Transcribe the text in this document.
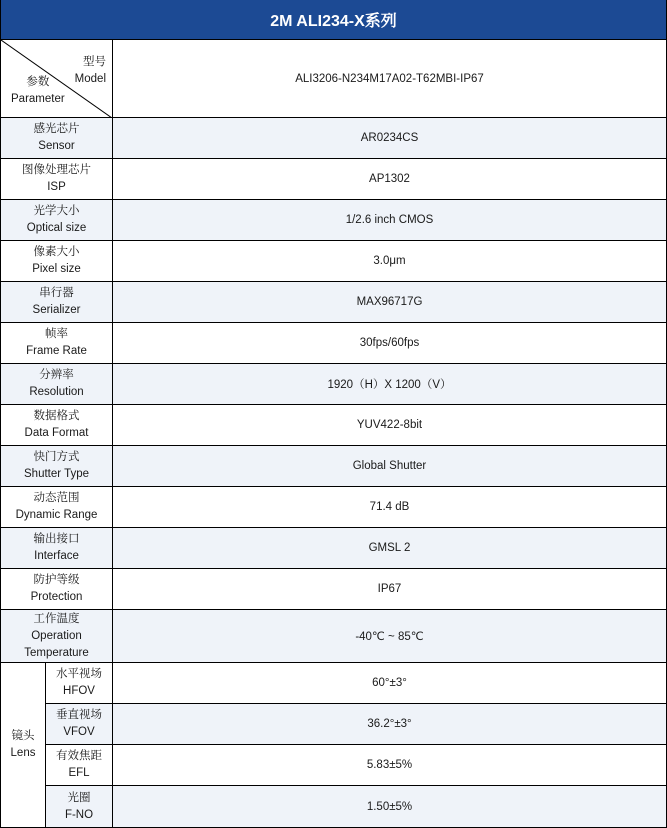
2M ALI234-X系列
型号
Model
参数
Parameter
ALI3206-N234M17A02-T62MBI-IP67
感光芯片
Sensor
AR0234CS
图像处理芯片
ISP
AP1302
光学大小
Optical size
1/2.6 inch CMOS
像素大小
Pixel size
3.0μm
串行器
Serializer
MAX96717G
帧率
Frame Rate
30fps/60fps
分辨率
Resolution
1920（H）X 1200（V）
数据格式
Data Format
YUV422-8bit
快门方式
Shutter Type
Global Shutter
动态范围
Dynamic Range
71.4 dB
输出接口
Interface
GMSL 2
防护等级
Protection
IP67
工作温度
Operation
Temperature
-40℃ ~ 85℃
镜头
Lens
水平视场
HFOV
60°±3°
垂直视场
VFOV
36.2°±3°
有效焦距
EFL
5.83±5%
光圈
F-NO
1.50±5%
